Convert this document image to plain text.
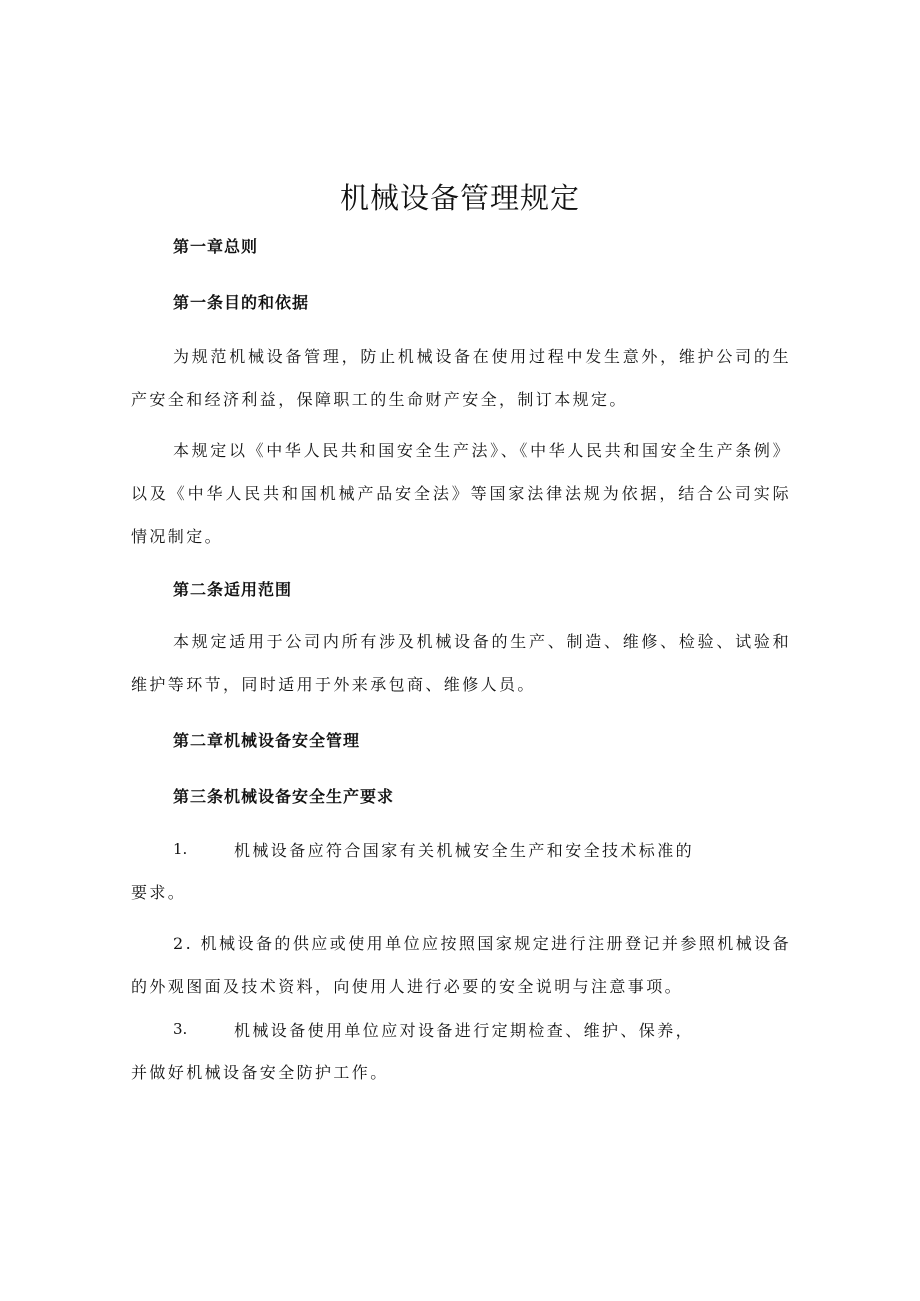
机械设备管理规定
第一章总则
第一条目的和依据
为规范机械设备管理，防止机械设备在使用过程中发生意外，维护公司的生产安全和经济利益，保障职工的生命财产安全，制订本规定。
本规定以《中华人民共和国安全生产法》、《中华人民共和国安全生产条例》以及《中华人民共和国机械产品安全法》等国家法律法规为依据，结合公司实际情况制定。
第二条适用范围
本规定适用于公司内所有涉及机械设备的生产、制造、维修、检验、试验和维护等环节，同时适用于外来承包商、维修人员。
第二章机械设备安全管理
第三条机械设备安全生产要求
1.	机械设备应符合国家有关机械安全生产和安全技术标准的
要求。
2. 机械设备的供应或使用单位应按照国家规定进行注册登记并参照机械设备的外观图面及技术资料，向使用人进行必要的安全说明与注意事项。
3.	机械设备使用单位应对设备进行定期检查、维护、保养，
并做好机械设备安全防护工作。
